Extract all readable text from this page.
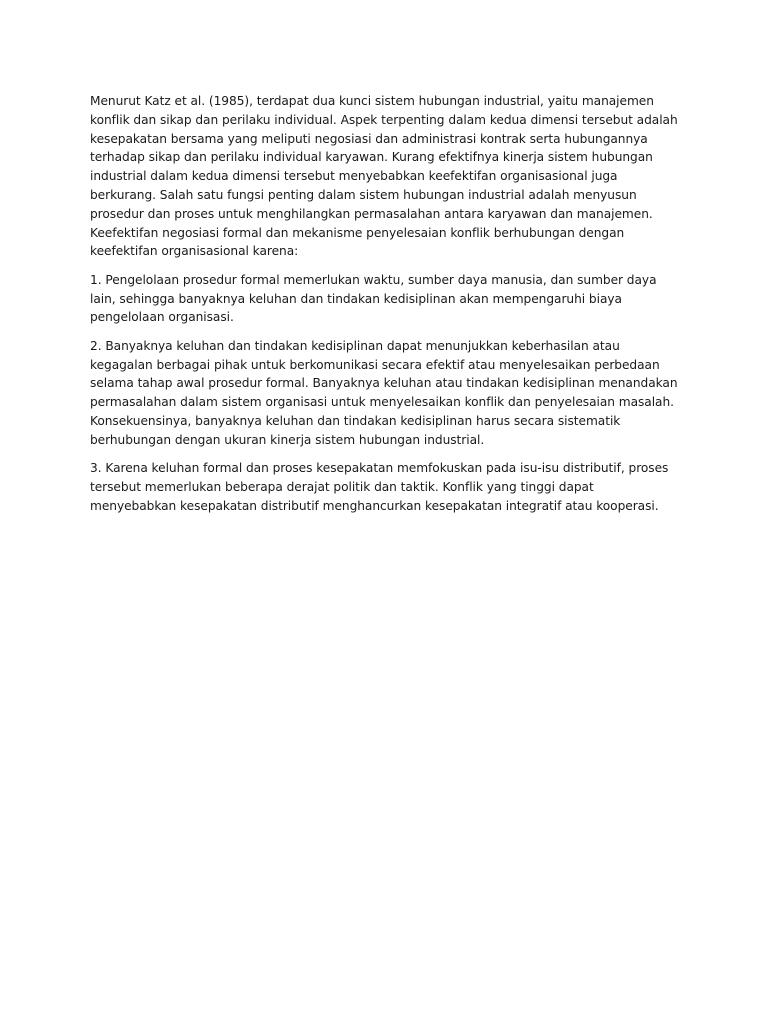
Menurut Katz et al. (1985), terdapat dua kunci sistem hubungan industrial, yaitu manajemen konflik dan sikap dan perilaku individual. Aspek terpenting dalam kedua dimensi tersebut adalah kesepakatan bersama yang meliputi negosiasi dan administrasi kontrak serta hubungannya terhadap sikap dan perilaku individual karyawan. Kurang efektifnya kinerja sistem hubungan industrial dalam kedua dimensi tersebut menyebabkan keefektifan organisasional juga berkurang. Salah satu fungsi penting dalam sistem hubungan industrial adalah menyusun prosedur dan proses untuk menghilangkan permasalahan antara karyawan dan manajemen. Keefektifan negosiasi formal dan mekanisme penyelesaian konflik berhubungan dengan keefektifan organisasional karena:

1. Pengelolaan prosedur formal memerlukan waktu, sumber daya manusia, dan sumber daya lain, sehingga banyaknya keluhan dan tindakan kedisiplinan akan mempengaruhi biaya pengelolaan organisasi.

2. Banyaknya keluhan dan tindakan kedisiplinan dapat menunjukkan keberhasilan atau kegagalan berbagai pihak untuk berkomunikasi secara efektif atau menyelesaikan perbedaan selama tahap awal prosedur formal. Banyaknya keluhan atau tindakan kedisiplinan menandakan permasalahan dalam sistem organisasi untuk menyelesaikan konflik dan penyelesaian masalah. Konsekuensinya, banyaknya keluhan dan tindakan kedisiplinan harus secara sistematik berhubungan dengan ukuran kinerja sistem hubungan industrial.

3. Karena keluhan formal dan proses kesepakatan memfokuskan pada isu-isu distributif, proses tersebut memerlukan beberapa derajat politik dan taktik. Konflik yang tinggi dapat menyebabkan kesepakatan distributif menghancurkan kesepakatan integratif atau kooperasi.
